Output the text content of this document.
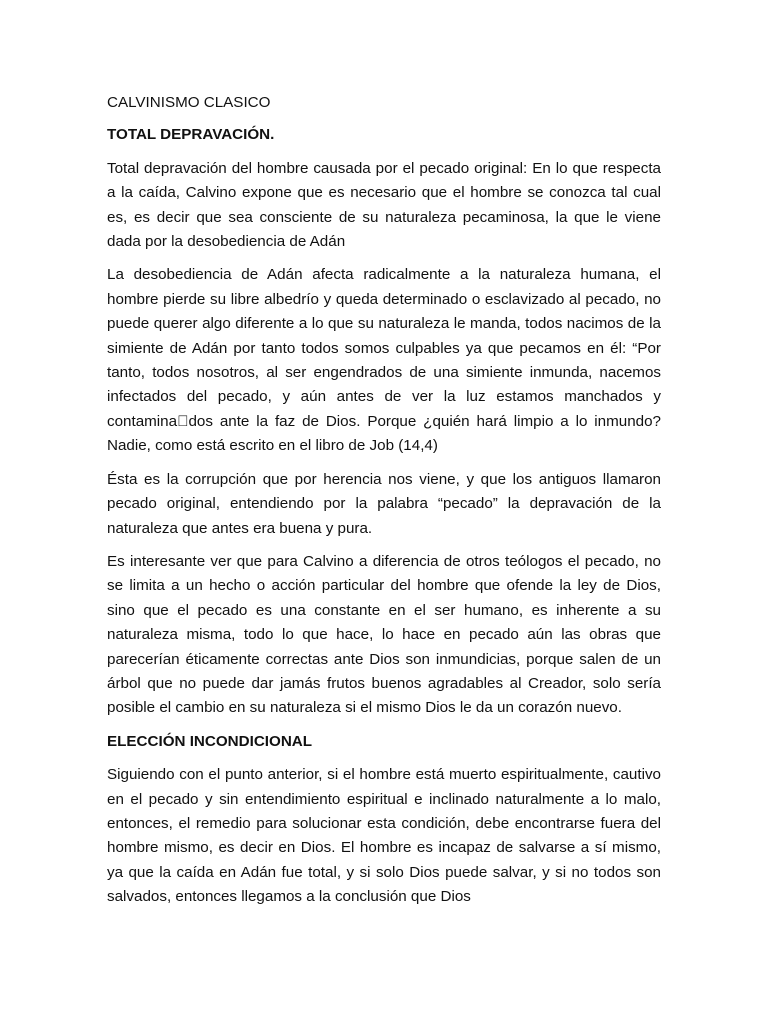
CALVINISMO CLASICO
TOTAL DEPRAVACIÓN.

Total depravación del hombre causada por el pecado original: En lo que respecta a la caída, Calvino expone que es necesario que el hombre se conozca tal cual es, es decir que sea consciente de su naturaleza pecaminosa, la que le viene dada por la desobediencia de Adán

La desobediencia de Adán afecta radicalmente a la naturaleza humana, el hombre pierde su libre albedrío y queda determinado o esclavizado al pecado, no puede querer algo diferente a lo que su naturaleza le manda, todos nacimos de la simiente de Adán por tanto todos somos culpables ya que pecamos en él: “Por tanto, todos nosotros, al ser engendrados de una simiente inmunda, nacemos infectados del pecado, y aún antes de ver la luz estamos manchados y contamina dos ante la faz de Dios. Porque ¿quién hará limpio a lo inmundo? Nadie, como está escrito en el libro de Job (14,4)

Ésta es la corrupción que por herencia nos viene, y que los antiguos llamaron pecado original, entendiendo por la palabra “pecado” la depravación de la naturaleza que antes era buena y pura.

Es interesante ver que para Calvino a diferencia de otros teólogos el pecado, no se limita a un hecho o acción particular del hombre que ofende la ley de Dios, sino que el pecado es una constante en el ser humano, es inherente a su naturaleza misma, todo lo que hace, lo hace en pecado aún las obras que parecerían éticamente correctas ante Dios son inmundicias, porque salen de un árbol que no puede dar jamás frutos buenos agradables al Creador, solo sería posible el cambio en su naturaleza si el mismo Dios le da un corazón nuevo.

ELECCIÓN INCONDICIONAL

Siguiendo con el punto anterior, si el hombre está muerto espiritualmente, cautivo en el pecado y sin entendimiento espiritual e inclinado naturalmente a lo malo, entonces, el remedio para solucionar esta condición, debe encontrarse fuera del hombre mismo, es decir en Dios. El hombre es incapaz de salvarse a sí mismo, ya que la caída en Adán fue total, y si solo Dios puede salvar, y si no todos son salvados, entonces llegamos a la conclusión que Dios
